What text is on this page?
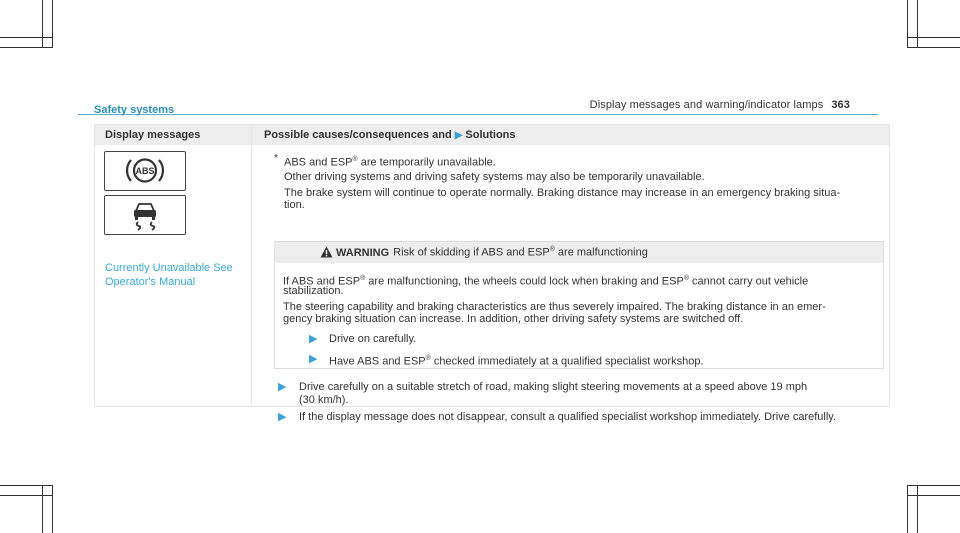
Display messages and warning/indicator lamps 363
Safety systems
Display messages	Possible causes/consequences and ▶ Solutions
ABS
Currently Unavailable See Operator's Manual
* ABS and ESP® are temporarily unavailable.
Other driving systems and driving safety systems may also be temporarily unavailable.
The brake system will continue to operate normally. Braking distance may increase in an emergency braking situa-
tion.
WARNING Risk of skidding if ABS and ESP® are malfunctioning
If ABS and ESP® are malfunctioning, the wheels could lock when braking and ESP® cannot carry out vehicle
stabilization.
The steering capability and braking characteristics are thus severely impaired. The braking distance in an emer-
gency braking situation can increase. In addition, other driving safety systems are switched off.
▶ Drive on carefully.
▶ Have ABS and ESP® checked immediately at a qualified specialist workshop.
▶ Drive carefully on a suitable stretch of road, making slight steering movements at a speed above 19 mph
(30 km/h).
▶ If the display message does not disappear, consult a qualified specialist workshop immediately. Drive carefully.
